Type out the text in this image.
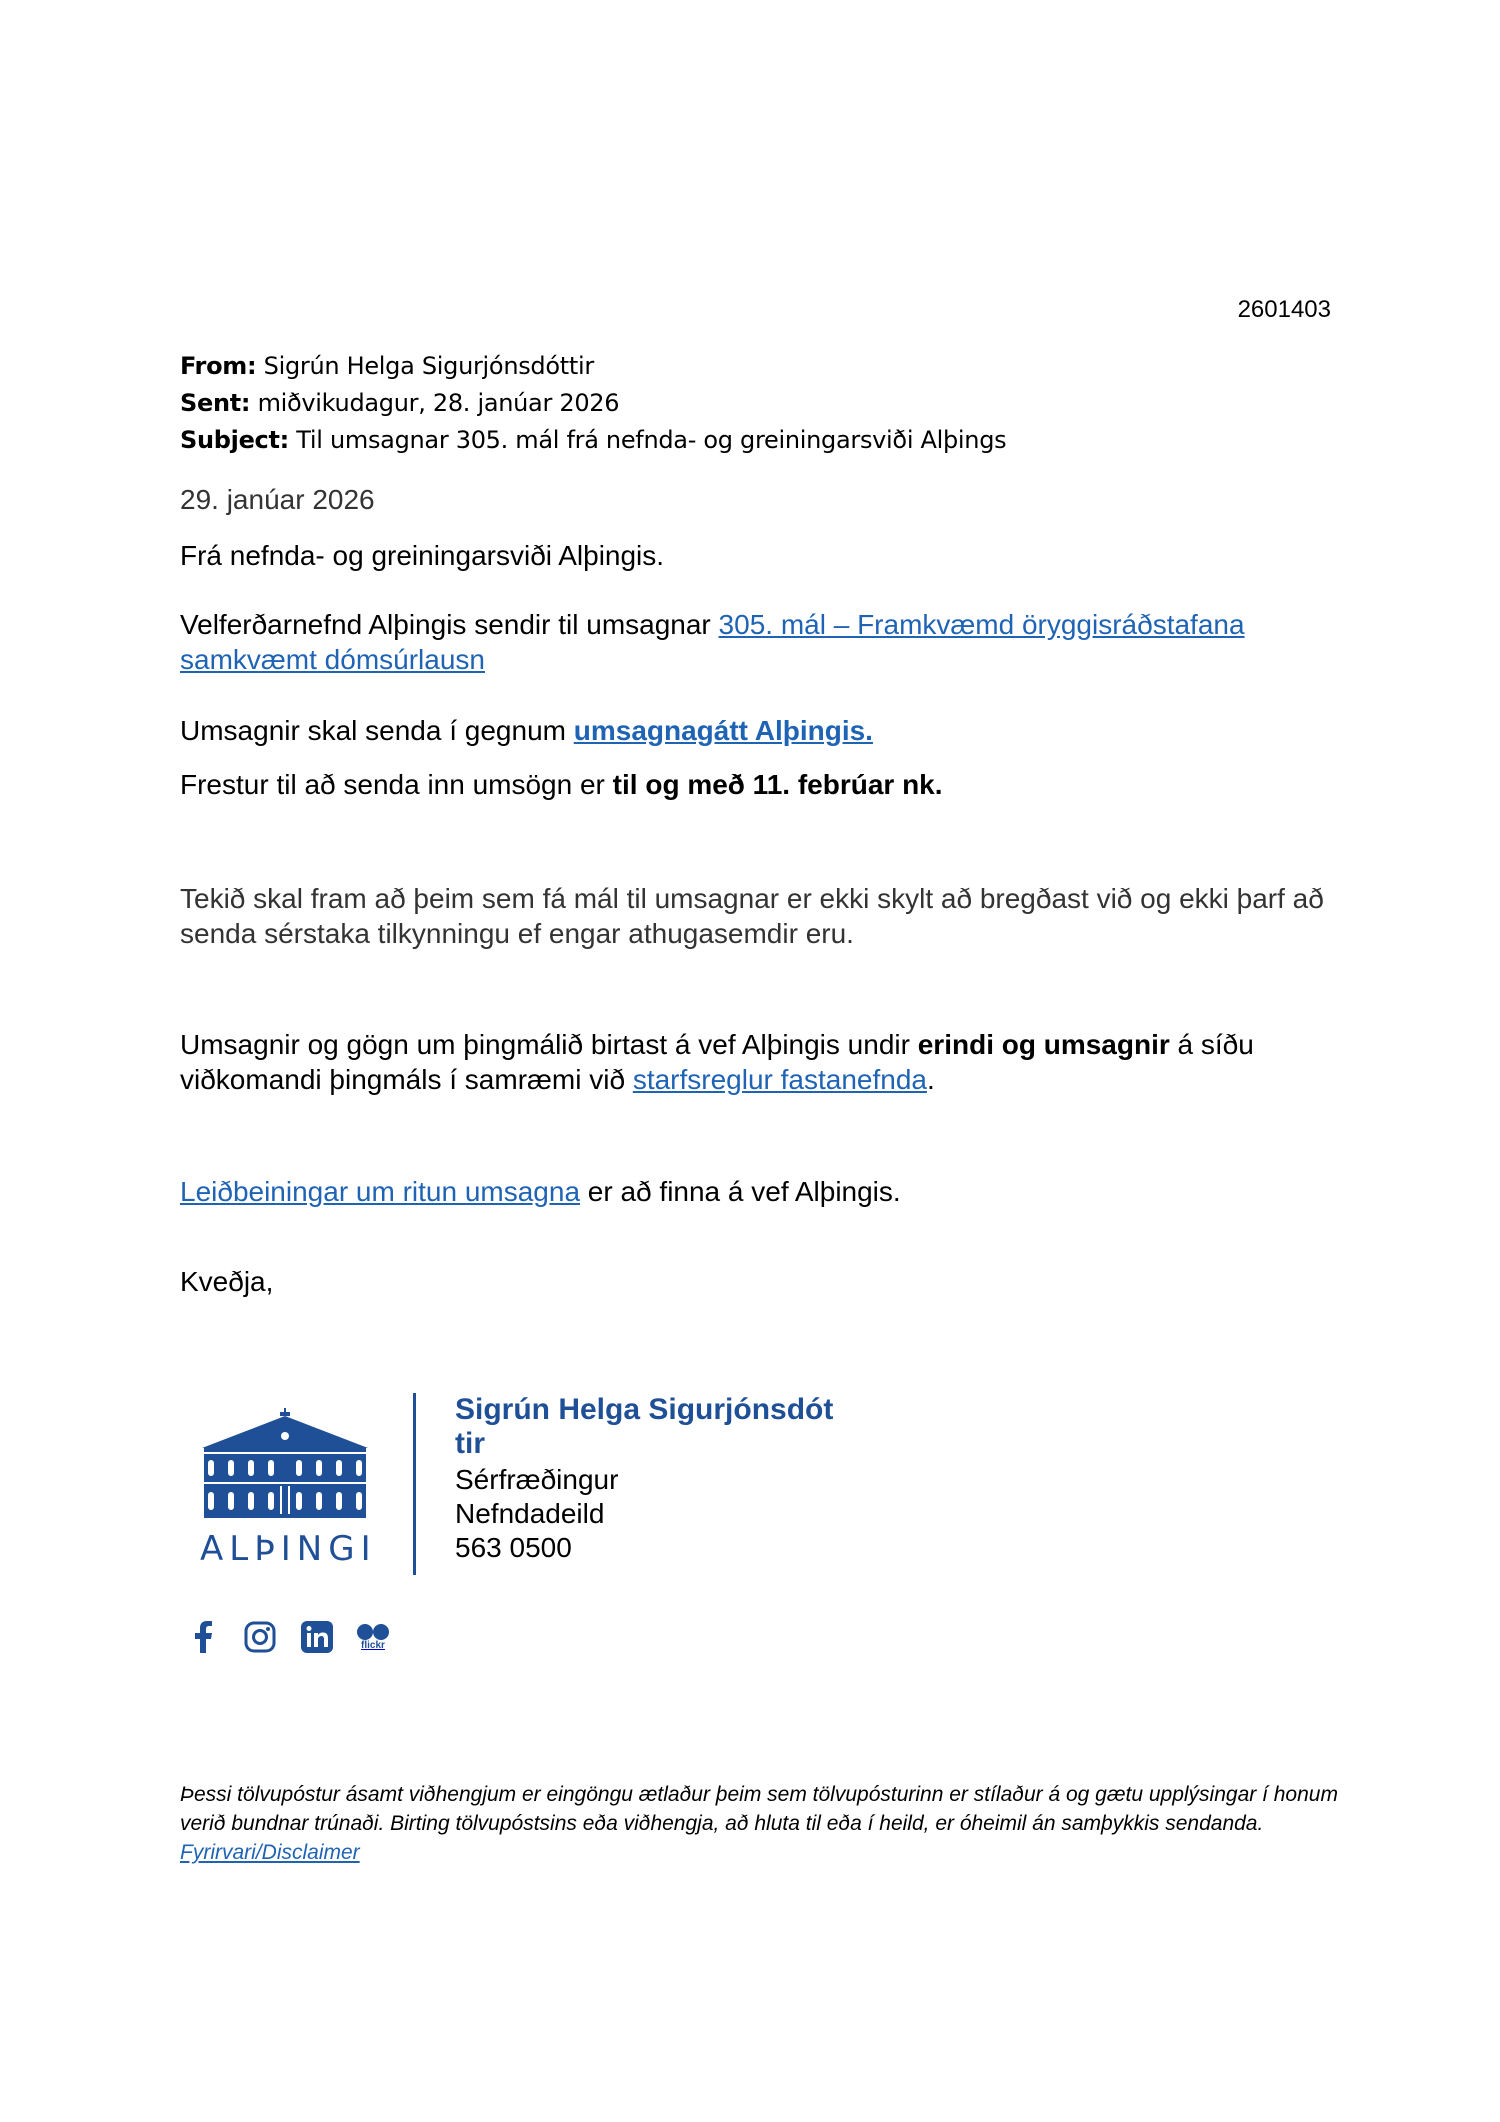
2601403
From: Sigrún Helga Sigurjónsdóttir
Sent: miðvikudagur, 28. janúar 2026
Subject: Til umsagnar 305. mál frá nefnda- og greiningarsviði Alþings
29. janúar 2026
Frá nefnda- og greiningarsviði Alþingis.
Velferðarnefnd Alþingis sendir til umsagnar 305. mál – Framkvæmd öryggisráðstafana samkvæmt dómsúrlausn
Umsagnir skal senda í gegnum umsagnagátt Alþingis.
Frestur til að senda inn umsögn er til og með 11. febrúar nk.
Tekið skal fram að þeim sem fá mál til umsagnar er ekki skylt að bregðast við og ekki þarf að senda sérstaka tilkynningu ef engar athugasemdir eru.
Umsagnir og gögn um þingmálið birtast á vef Alþingis undir erindi og umsagnir á síðu viðkomandi þingmáls í samræmi við starfsreglur fastanefnda.
Leiðbeiningar um ritun umsagna er að finna á vef Alþingis.
Kveðja,
ALÞINGI
Sigrún Helga Sigurjónsdót
tir
Sérfræðingur
Nefndadeild
563 0500
flickr
Þessi tölvupóstur ásamt viðhengjum er eingöngu ætlaður þeim sem tölvupósturinn er stílaður á og gætu upplýsingar í honum verið bundnar trúnaði. Birting tölvupóstsins eða viðhengja, að hluta til eða í heild, er óheimil án samþykkis sendanda. Fyrirvari/Disclaimer
